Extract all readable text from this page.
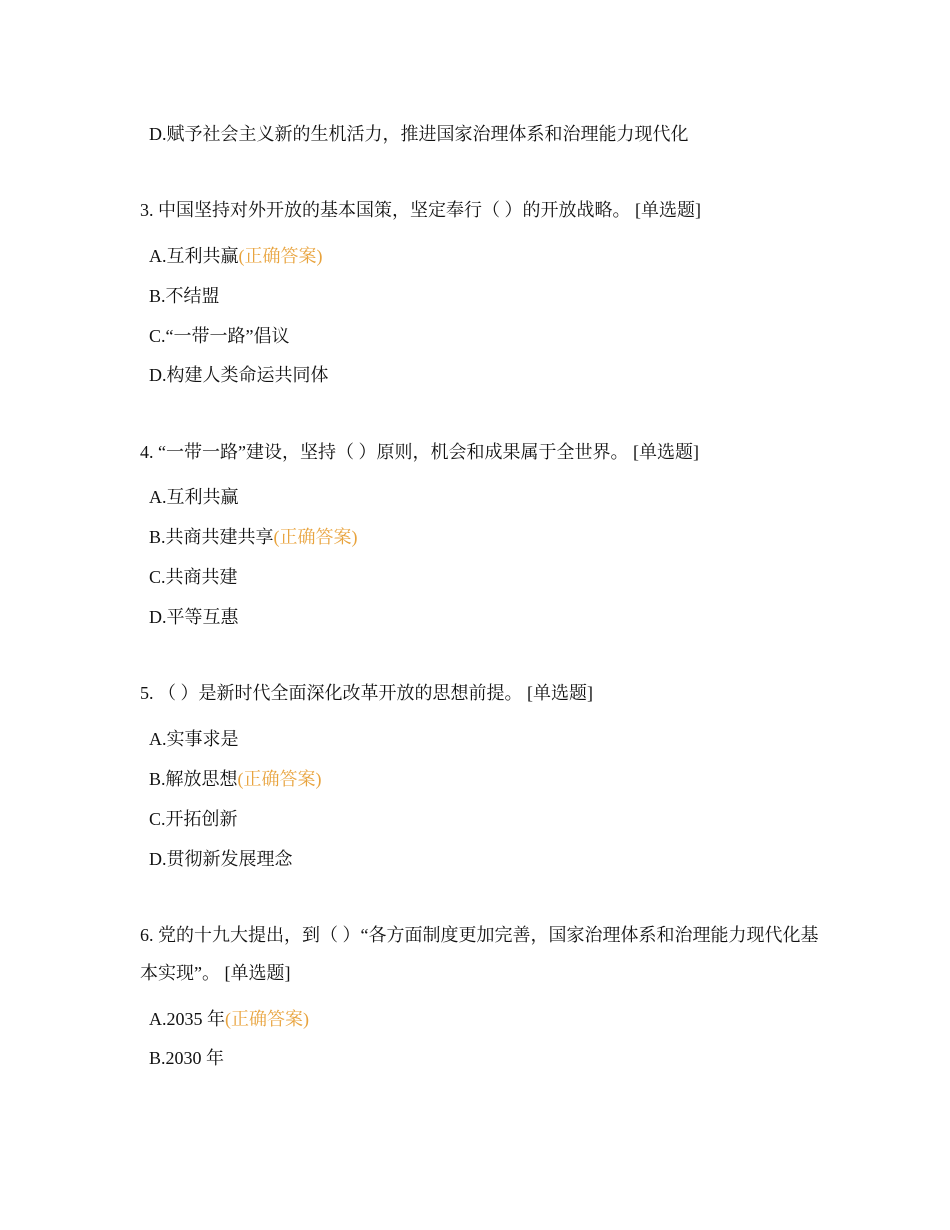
D.赋予社会主义新的生机活力，推进国家治理体系和治理能力现代化
3. 中国坚持对外开放的基本国策，坚定奉行（ ）的开放战略。 [单选题]
A.互利共赢(正确答案)
B.不结盟
C.“一带一路”倡议
D.构建人类命运共同体
4. “一带一路”建设，坚持（ ）原则，机会和成果属于全世界。 [单选题]
A.互利共赢
B.共商共建共享(正确答案)
C.共商共建
D.平等互惠
5. （ ）是新时代全面深化改革开放的思想前提。 [单选题]
A.实事求是
B.解放思想(正确答案)
C.开拓创新
D.贯彻新发展理念
6. 党的十九大提出，到（ ）“各方面制度更加完善，国家治理体系和治理能力现代化基本实现”。 [单选题]
A.2035 年(正确答案)
B.2030 年
